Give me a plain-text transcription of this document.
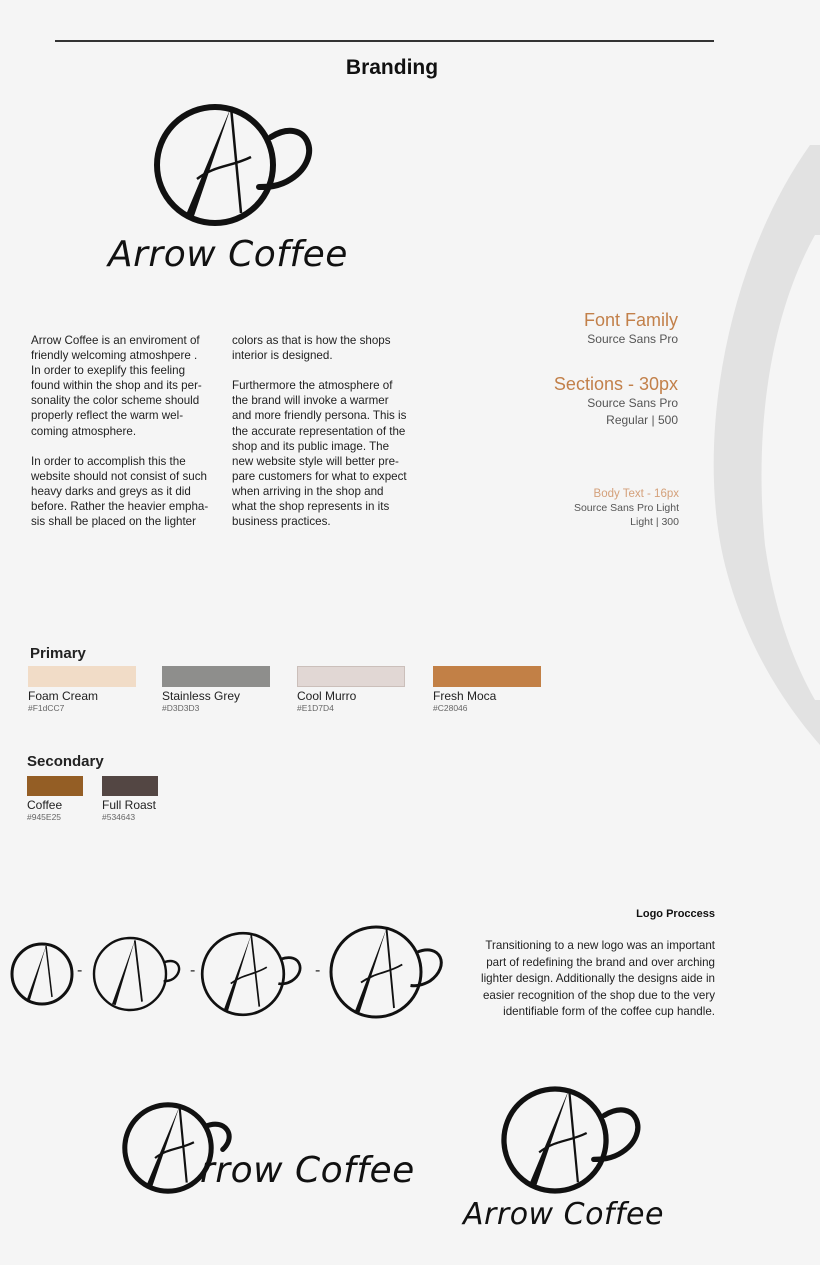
Branding
Arrow Coffee
Arrow Coffee is an enviroment of
friendly welcoming atmoshpere .
In order to exeplify this feeling
found within the shop and its per-
sonality the color scheme should
properly reflect the warm wel-
coming atmosphere.

In order to accomplish this the
website should not consist of such
heavy darks and greys as it did
before. Rather the heavier empha-
sis shall be placed on the lighter
colors as that is how the shops
interior is designed.

Furthermore the atmosphere of
the brand will invoke a warmer
and more friendly persona. This is
the accurate representation of the
shop and its public image. The
new website style will better pre-
pare customers for what to expect
when arriving in the shop and
what the shop represents in its
business practices.
Font Family
Source Sans Pro
Sections - 30px
Source Sans Pro
Regular | 500
Body Text - 16px
Source Sans Pro Light
Light | 300
Primary
Foam Cream
#F1dCC7
Stainless Grey
#D3D3D3
Cool Murro
#E1D7D4
Fresh Moca
#C28046
Secondary
Coffee
#945E25
Full Roast
#534643
-	-	-
Logo Proccess
Transitioning to a new logo was an important
part of redefining the brand and over arching
lighter design. Additionally the designs aide in
easier recognition of the shop due to the very
identifiable form of the coffee cup handle.
rrow Coffee
Arrow Coffee
